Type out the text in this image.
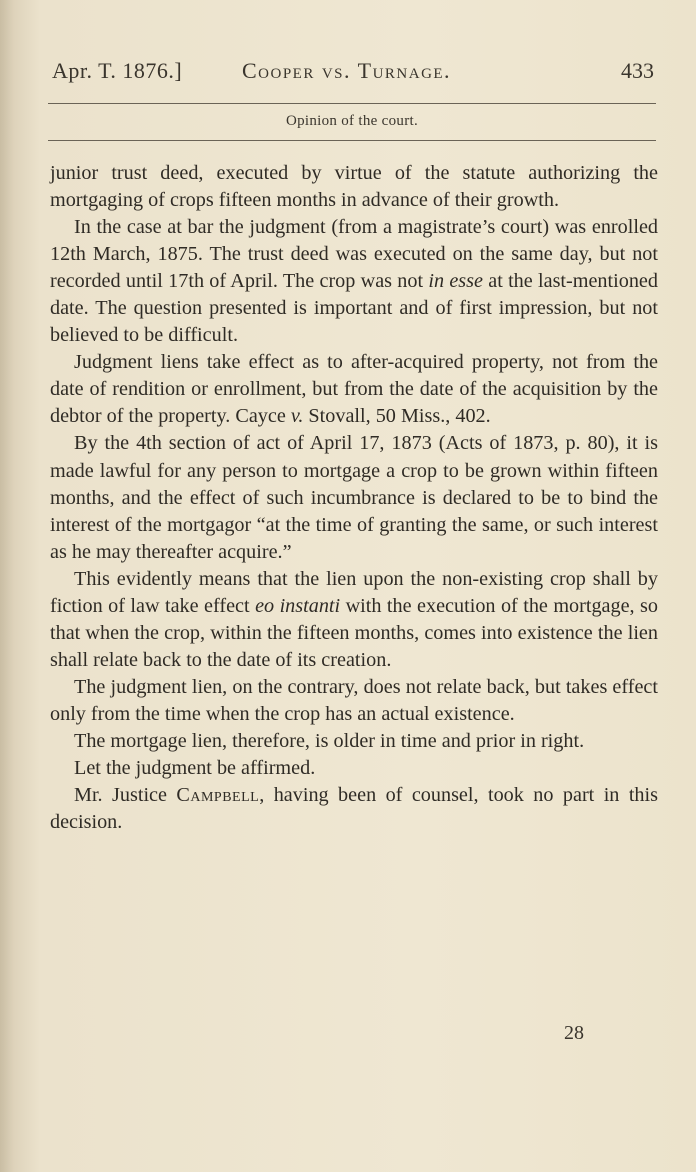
Apr. T. 1876.]	Cooper vs. Turnage.	433
Opinion of the court.

junior trust deed, executed by virtue of the statute authorizing the mortgaging of crops fifteen months in advance of their growth.

In the case at bar the judgment (from a magistrate’s court) was enrolled 12th March, 1875. The trust deed was executed on the same day, but not recorded until 17th of April. The crop was not in esse at the last-mentioned date. The question presented is important and of first impression, but not believed to be difficult.

Judgment liens take effect as to after-acquired property, not from the date of rendition or enrollment, but from the date of the acquisition by the debtor of the property. Cayce v. Stovall, 50 Miss., 402.

By the 4th section of act of April 17, 1873 (Acts of 1873, p. 80), it is made lawful for any person to mortgage a crop to be grown within fifteen months, and the effect of such incumbrance is declared to be to bind the interest of the mortgagor “at the time of granting the same, or such interest as he may thereafter acquire.”

This evidently means that the lien upon the non-existing crop shall by fiction of law take effect eo instanti with the execution of the mortgage, so that when the crop, within the fifteen months, comes into existence the lien shall relate back to the date of its creation.

The judgment lien, on the contrary, does not relate back, but takes effect only from the time when the crop has an actual existence.

The mortgage lien, therefore, is older in time and prior in right.

Let the judgment be affirmed.

Mr. Justice Campbell, having been of counsel, took no part in this decision.

28
